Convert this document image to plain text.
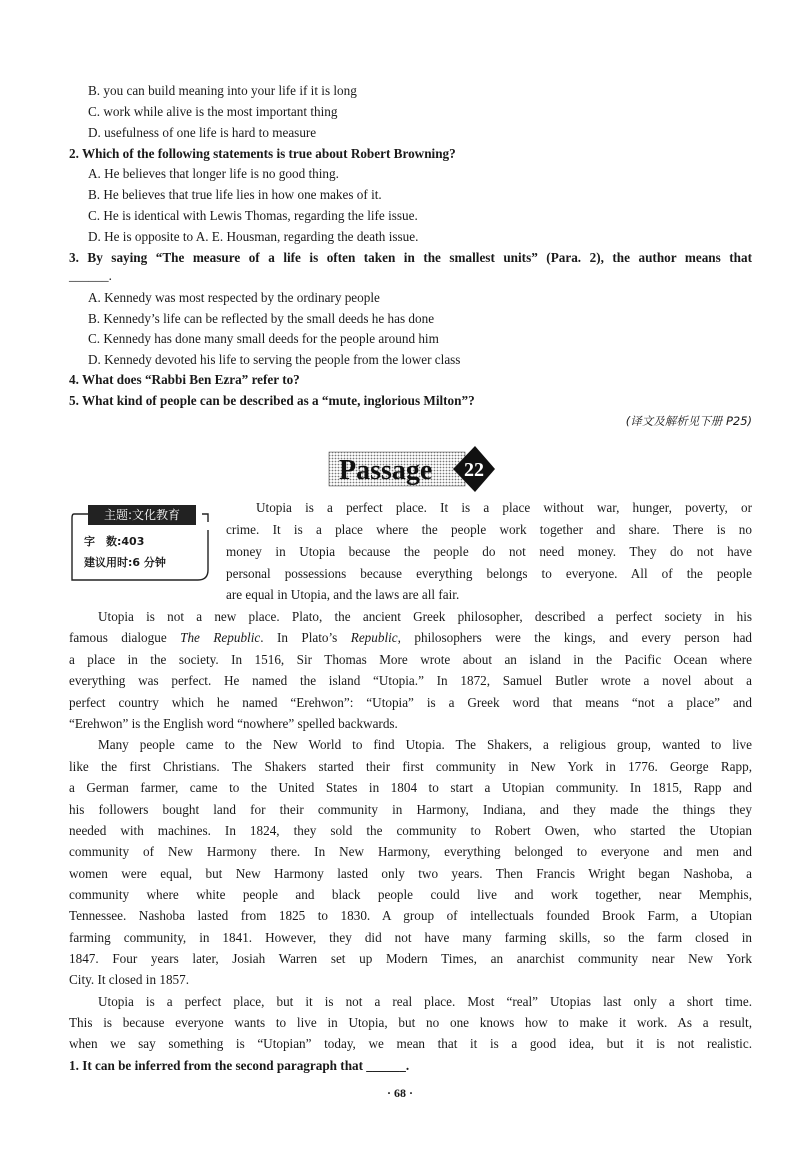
B. you can build meaning into your life if it is long
C. work while alive is the most important thing
D. usefulness of one life is hard to measure
2. Which of the following statements is true about Robert Browning?
A. He believes that longer life is no good thing.
B. He believes that true life lies in how one makes of it.
C. He is identical with Lewis Thomas, regarding the life issue.
D. He is opposite to A. E. Housman, regarding the death issue.
3. By saying “The measure of a life is often taken in the smallest units” (Para. 2), the author means that
______.
A. Kennedy was most respected by the ordinary people
B. Kennedy’s life can be reflected by the small deeds he has done
C. Kennedy has done many small deeds for the people around him
D. Kennedy devoted his life to serving the people from the lower class
4. What does “Rabbi Ben Ezra” refer to?
5. What kind of people can be described as a “mute, inglorious Milton”?
(译文及解析见下册 P25)
Passage 22
主题:文化教育
字　数:403
建议用时:6 分钟
Utopia is a perfect place. It is a place without war, hunger, poverty, or
crime. It is a place where the people work together and share. There is no
money in Utopia because the people do not need money. They do not have
personal possessions because everything belongs to everyone. All of the people
are equal in Utopia, and the laws are all fair.
Utopia is not a new place. Plato, the ancient Greek philosopher, described a perfect society in his
famous dialogue The Republic. In Plato’s Republic, philosophers were the kings, and every person had
a place in the society. In 1516, Sir Thomas More wrote about an island in the Pacific Ocean where
everything was perfect. He named the island “Utopia.” In 1872, Samuel Butler wrote a novel about a
perfect country which he named “Erehwon”: “Utopia” is a Greek word that means “not a place” and
“Erehwon” is the English word “nowhere” spelled backwards.
Many people came to the New World to find Utopia. The Shakers, a religious group, wanted to live
like the first Christians. The Shakers started their first community in New York in 1776. George Rapp,
a German farmer, came to the United States in 1804 to start a Utopian community. In 1815, Rapp and
his followers bought land for their community in Harmony, Indiana, and they made the things they
needed with machines. In 1824, they sold the community to Robert Owen, who started the Utopian
community of New Harmony there. In New Harmony, everything belonged to everyone and men and
women were equal, but New Harmony lasted only two years. Then Francis Wright began Nashoba, a
community where white people and black people could live and work together, near Memphis,
Tennessee. Nashoba lasted from 1825 to 1830. A group of intellectuals founded Brook Farm, a Utopian
farming community, in 1841. However, they did not have many farming skills, so the farm closed in
1847. Four years later, Josiah Warren set up Modern Times, an anarchist community near New York
City. It closed in 1857.
Utopia is a perfect place, but it is not a real place. Most “real” Utopias last only a short time.
This is because everyone wants to live in Utopia, but no one knows how to make it work. As a result,
when we say something is “Utopian” today, we mean that it is a good idea, but it is not realistic.
1. It can be inferred from the second paragraph that ______.
· 68 ·
